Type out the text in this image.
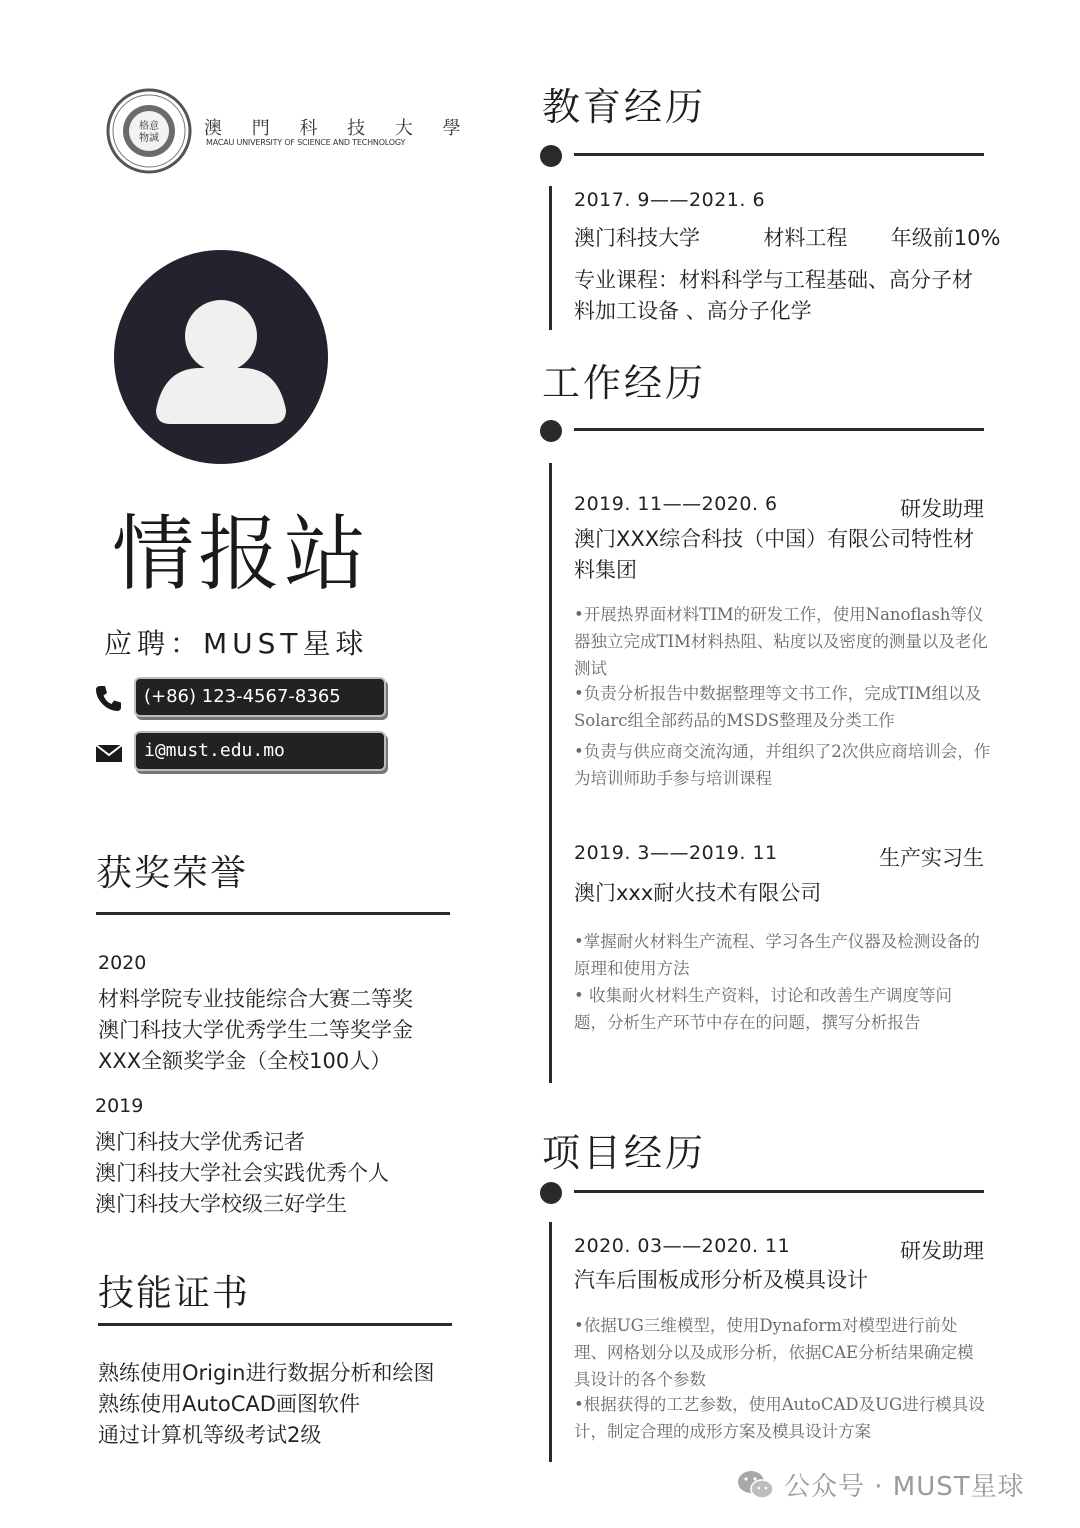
格意
物誠	澳 門 科 技 大 學
MACAU UNIVERSITY OF SCIENCE AND TECHNOLOGY
情报站
应聘：MUST星球
(+86) 123-4567-8365
i@must.edu.mo
获奖荣誉
2020
材料学院专业技能综合大赛二等奖
澳门科技大学优秀学生二等奖学金
XXX全额奖学金（全校100人）
2019
澳门科技大学优秀记者
澳门科技大学社会实践优秀个人
澳门科技大学校级三好学生
技能证书
熟练使用Origin进行数据分析和绘图
熟练使用AutoCAD画图软件
通过计算机等级考试2级
教育经历
2017. 9——2021. 6
澳门科技大学	材料工程 年级前10%
专业课程：材料科学与工程基础、高分子材料加工设备 、高分子化学
工作经历
2019. 11——2020. 6	研发助理
澳门XXX综合科技（中国）有限公司特性材料集团
•开展热界面材料TIM的研发工作，使用Nanoflash等仪器独立完成TIM材料热阻、粘度以及密度的测量以及老化测试
•负责分析报告中数据整理等文书工作，完成TIM组以及Solarc组全部药品的MSDS整理及分类工作
•负责与供应商交流沟通，并组织了2次供应商培训会，作为培训师助手参与培训课程
2019. 3——2019. 11	生产实习生
澳门xxx耐火技术有限公司
•掌握耐火材料生产流程、学习各生产仪器及检测设备的原理和使用方法
• 收集耐火材料生产资料，讨论和改善生产调度等问题，分析生产环节中存在的问题，撰写分析报告
项目经历
2020. 03——2020. 11	研发助理
汽车后围板成形分析及模具设计
•依据UG三维模型，使用Dynaform对模型进行前处理、网格划分以及成形分析，依据CAE分析结果确定模具设计的各个参数
•根据获得的工艺参数，使用AutoCAD及UG进行模具设计，制定合理的成形方案及模具设计方案
公众号 · MUST星球
